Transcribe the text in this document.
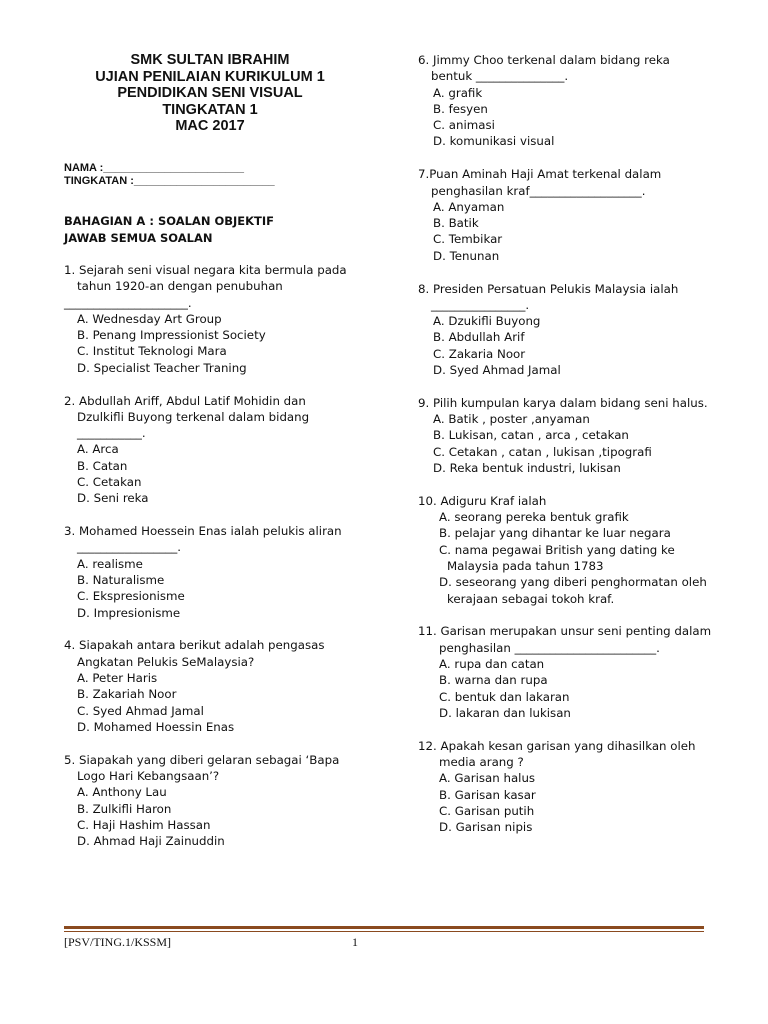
SMK SULTAN IBRAHIM
UJIAN PENILAIAN KURIKULUM 1
PENDIDIKAN SENI VISUAL
TINGKATAN 1
MAC 2017
NAMA :_______________________
TINGKATAN :_______________________
BAHAGIAN A : SOALAN OBJEKTIF
JAWAB SEMUA SOALAN
1. Sejarah seni visual negara kita bermula pada
tahun 1920-an dengan penubuhan
_____________________.
A. Wednesday Art Group
B. Penang Impressionist Society
C. Institut Teknologi Mara
D. Specialist Teacher Traning
2. Abdullah Ariff, Abdul Latif Mohidin dan
Dzulkifli Buyong terkenal dalam bidang
___________.
A. Arca
B. Catan
C. Cetakan
D. Seni reka
3. Mohamed Hoessein Enas ialah pelukis aliran
_________________.
A. realisme
B. Naturalisme
C. Ekspresionisme
D. Impresionisme
4. Siapakah antara berikut adalah pengasas
Angkatan Pelukis SeMalaysia?
A. Peter Haris
B. Zakariah Noor
C. Syed Ahmad Jamal
D. Mohamed Hoessin Enas
5. Siapakah yang diberi gelaran sebagai ‘Bapa
Logo Hari Kebangsaan’?
A. Anthony Lau
B. Zulkifli Haron
C. Haji Hashim Hassan
D. Ahmad Haji Zainuddin
6. Jimmy Choo terkenal dalam bidang reka
bentuk _______________.
A. grafik
B. fesyen
C. animasi
D. komunikasi visual
7.Puan Aminah Haji Amat terkenal dalam
penghasilan kraf___________________.
A. Anyaman
B. Batik
C. Tembikar
D. Tenunan
8. Presiden Persatuan Pelukis Malaysia ialah
________________.
A. Dzukifli Buyong
B. Abdullah Arif
C. Zakaria Noor
D. Syed Ahmad Jamal
9. Pilih kumpulan karya dalam bidang seni halus.
A. Batik , poster ,anyaman
B. Lukisan, catan , arca , cetakan
C. Cetakan , catan , lukisan ,tipografi
D. Reka bentuk industri, lukisan
10. Adiguru Kraf ialah
A. seorang pereka bentuk grafik
B. pelajar yang dihantar ke luar negara
C. nama pegawai British yang dating ke
Malaysia pada tahun 1783
D. seseorang yang diberi penghormatan oleh
kerajaan sebagai tokoh kraf.
11. Garisan merupakan unsur seni penting dalam
penghasilan ________________________.
A. rupa dan catan
B. warna dan rupa
C. bentuk dan lakaran
D. lakaran dan lukisan
12. Apakah kesan garisan yang dihasilkan oleh
media arang ?
A. Garisan halus
B. Garisan kasar
C. Garisan putih
D. Garisan nipis
[PSV/TING.1/KSSM]	1
